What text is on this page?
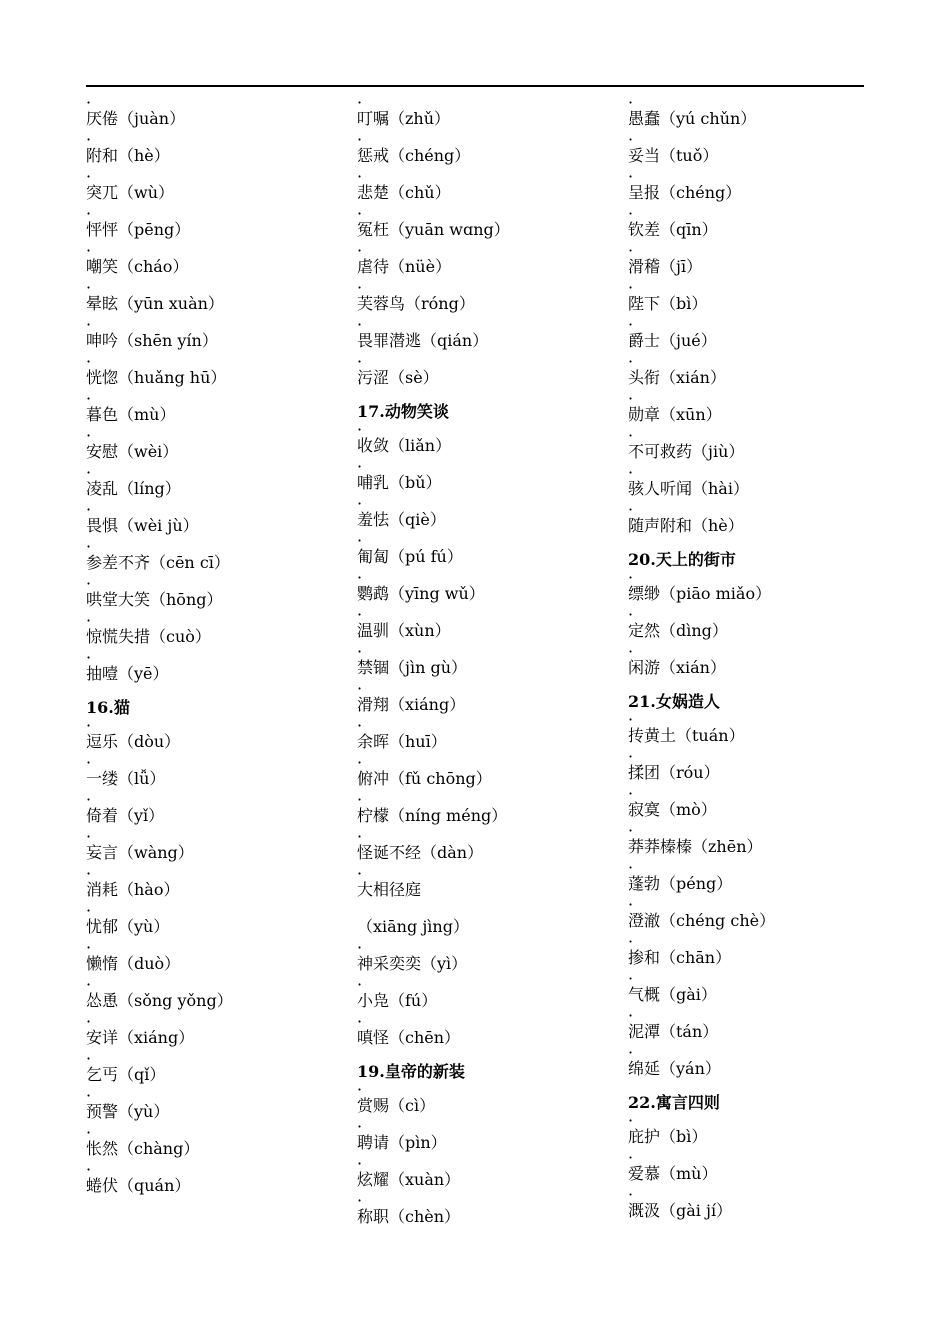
· 厌倦（juàn）
· 附和（hè）
· 突兀（wù）
· 怦怦（pēng）
· 嘲笑（cháo）
· 晕眩（yūn xuàn）
· 呻吟（shēn yín）
· 恍惚（huǎng hū）
· 暮色（mù）
· 安慰（wèi）
· 凌乱（líng）
· 畏惧（wèi jù）
· 参差不齐（cēn cī）
· 哄堂大笑（hōng）
· 惊慌失措（cuò）
· 抽噎（yē）
16.猫
· 逗乐（dòu）
· 一缕（lǚ）
· 倚着（yǐ）
· 妄言（wàng）
· 消耗（hào）
· 忧郁（yù）
· 懒惰（duò）
· 怂恿（sǒng yǒng）
· 安详（xiáng）
· 乞丐（qǐ）
· 预警（yù）
· 怅然（chàng）
· 蜷伏（quán）
· 叮嘱（zhǔ）
· 惩戒（chéng）
· 悲楚（chǔ）
· 冤枉（yuān wɑng）
· 虐待（nüè）
· 芙蓉鸟（róng）
· 畏罪潜逃（qián）
· 污涩（sè）
17.动物笑谈
· 收敛（liǎn）
· 哺乳（bǔ）
· 羞怯（qiè）
· 匍匐（pú fú）
· 鹦鹉（yīng wǔ）
· 温驯（xùn）
· 禁锢（jìn gù）
· 滑翔（xiáng）
· 余晖（huī）
· 俯冲（fǔ chōng）
· 柠檬（níng méng）
· 怪诞不经（dàn）
· 大相径庭
（xiāng jìng）
· 神采奕奕（yì）
· 小凫（fú）
· 嗔怪（chēn）
19.皇帝的新装
· 赏赐（cì）
· 聘请（pìn）
· 炫耀（xuàn）
· 称职（chèn）
· 愚蠢（yú chǔn）
· 妥当（tuǒ）
· 呈报（chéng）
· 钦差（qīn）
· 滑稽（jī）
· 陛下（bì）
· 爵士（jué）
· 头衔（xián）
· 勋章（xūn）
· 不可救药（jiù）
· 骇人听闻（hài）
· 随声附和（hè）
20.天上的街市
· 缥缈（piāo miǎo）
· 定然（dìng）
· 闲游（xián）
21.女娲造人
· 抟黄土（tuán）
· 揉团（róu）
· 寂寞（mò）
· 莽莽榛榛（zhēn）
· 蓬勃（péng）
· 澄澈（chéng chè）
· 掺和（chān）
· 气概（gài）
· 泥潭（tán）
· 绵延（yán）
22.寓言四则
· 庇护（bì）
· 爱慕（mù）
· 溉汲（gài jí）
